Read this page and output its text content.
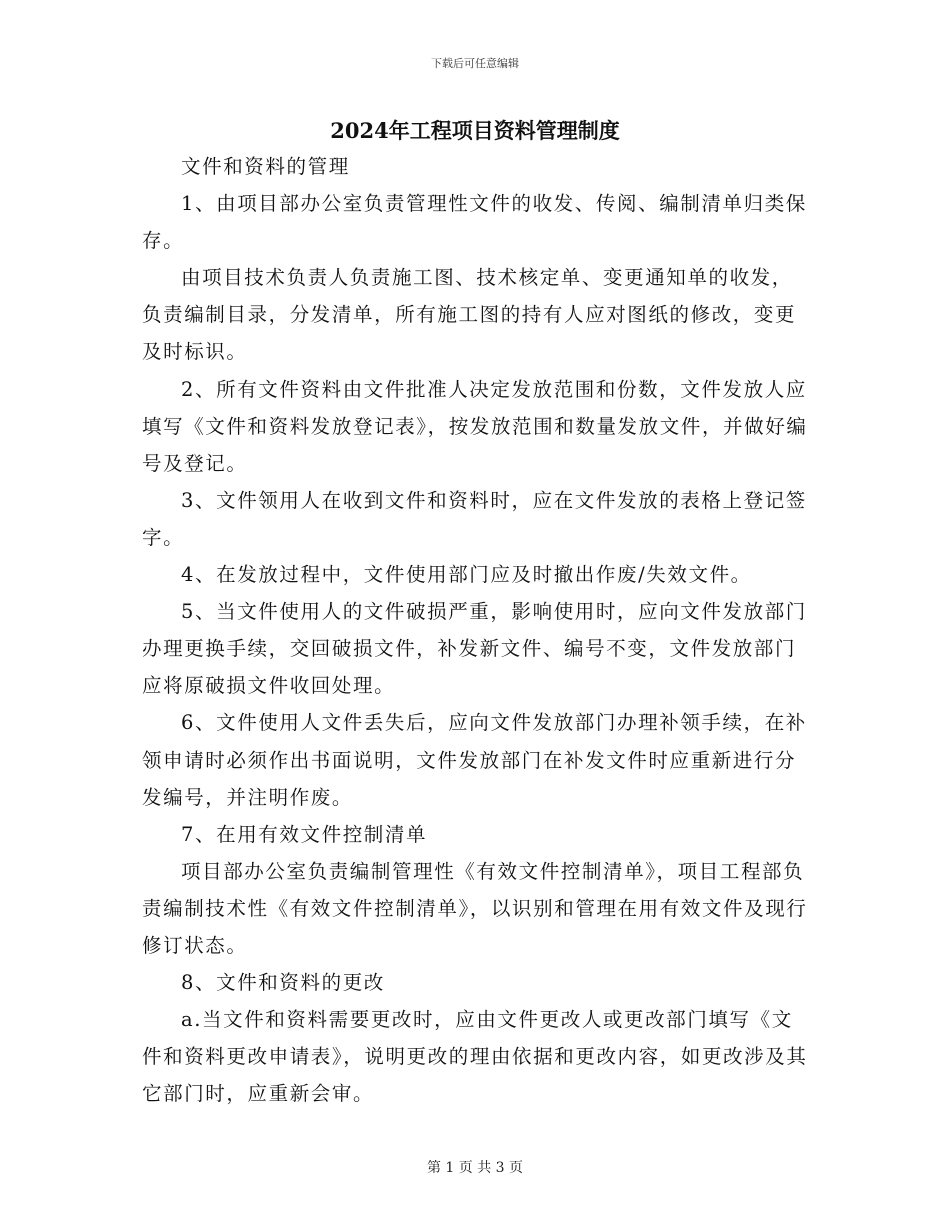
下载后可任意编辑
2024年工程项目资料管理制度

文件和资料的管理

1、由项目部办公室负责管理性文件的收发、传阅、编制清单归类保存。

由项目技术负责人负责施工图、技术核定单、变更通知单的收发，负责编制目录，分发清单，所有施工图的持有人应对图纸的修改，变更及时标识。

2、所有文件资料由文件批准人决定发放范围和份数，文件发放人应填写《文件和资料发放登记表》，按发放范围和数量发放文件，并做好编号及登记。

3、文件领用人在收到文件和资料时，应在文件发放的表格上登记签字。

4、在发放过程中，文件使用部门应及时撤出作废/失效文件。

5、当文件使用人的文件破损严重，影响使用时，应向文件发放部门办理更换手续，交回破损文件，补发新文件、编号不变，文件发放部门应将原破损文件收回处理。

6、文件使用人文件丢失后，应向文件发放部门办理补领手续，在补领申请时必须作出书面说明，文件发放部门在补发文件时应重新进行分发编号，并注明作废。

7、在用有效文件控制清单

项目部办公室负责编制管理性《有效文件控制清单》，项目工程部负责编制技术性《有效文件控制清单》，以识别和管理在用有效文件及现行修订状态。

8、文件和资料的更改

a.当文件和资料需要更改时，应由文件更改人或更改部门填写《文件和资料更改申请表》，说明更改的理由依据和更改内容，如更改涉及其它部门时，应重新会审。

第 1 页 共 3 页
